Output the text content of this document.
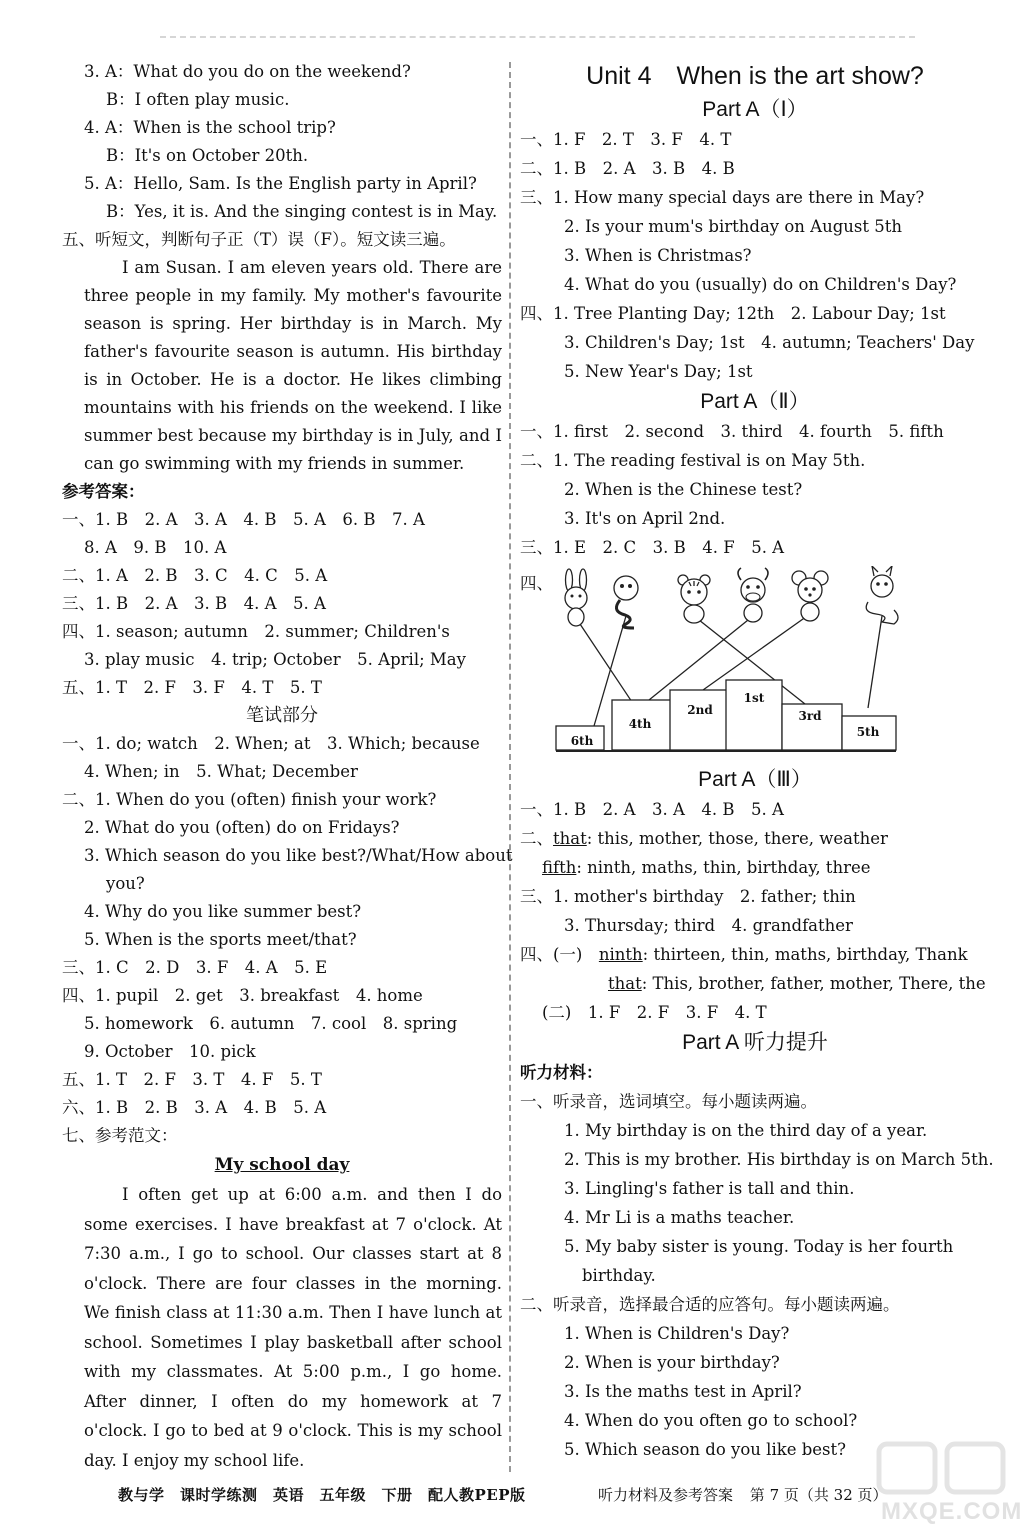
3. A：What do you do on the weekend?
B：I often play music.
4. A：When is the school trip?
B：It's on October 20th.
5. A：Hello, Sam. Is the English party in April?
B：Yes, it is. And the singing contest is in May.
五、听短文，判断句子正（T）误（F）。短文读三遍。
I am Susan. I am eleven years old. There are three people in my family. My mother's favourite season is spring. Her birthday is in March. My father's favourite season is autumn. His birthday is in October. He is a doctor. He likes climbing mountains with his friends on the weekend. I like summer best because my birthday is in July, and I can go swimming with my friends in summer.
参考答案：
一、1. B　2. A　3. A　4. B　5. A　6. B　7. A
8. A　9. B　10. A
二、1. A　2. B　3. C　4. C　5. A
三、1. B　2. A　3. B　4. A　5. A
四、1. season; autumn　2. summer; Children's
3. play music　4. trip; October　5. April; May
五、1. T　2. F　3. F　4. T　5. T
笔试部分
一、1. do; watch　2. When; at　3. Which; because
4. When; in　5. What; December
二、1. When do you (often) finish your work?
2. What do you (often) do on Fridays?
3. Which season do you like best?/What/How about
you?
4. Why do you like summer best?
5. When is the sports meet/that?
三、1. C　2. D　3. F　4. A　5. E
四、1. pupil　2. get　3. breakfast　4. home
5. homework　6. autumn　7. cool　8. spring
9. October　10. pick
五、1. T　2. F　3. T　4. F　5. T
六、1. B　2. B　3. A　4. B　5. A
七、参考范文：
My school day

I often get up at 6:00 a.m. and then I do some exercises. I have breakfast at 7 o'clock. At 7:30 a.m., I go to school. Our classes start at 8 o'clock. There are four classes in the morning. We finish class at 11:30 a.m. Then I have lunch at school. Sometimes I play basketball after school with my classmates. At 5:00 p.m., I go home. After dinner, I often do my homework at 7 o'clock. I go to bed at 9 o'clock. This is my school day. I enjoy my school life.

Unit 4　When is the art show?
Part A（Ⅰ）
一、1. F　2. T　3. F　4. T
二、1. B　2. A　3. B　4. B
三、1. How many special days are there in May?
2. Is your mum's birthday on August 5th
3. When is Christmas?
4. What do you (usually) do on Children's Day?
四、1. Tree Planting Day; 12th　2. Labour Day; 1st
3. Children's Day; 1st　4. autumn; Teachers' Day
5. New Year's Day; 1st
Part A（Ⅱ）
一、1. first　2. second　3. third　4. fourth　5. fifth
二、1. The reading festival is on May 5th.
2. When is the Chinese test?
3. It's on April 2nd.
三、1. E　2. C　3. B　4. F　5. A
四、
6th
4th
2nd
1st
3rd
5th
Part A（Ⅲ）
一、1. B　2. A　3. A　4. B　5. A
二、that: this, mother, those, there, weather
fifth: ninth, maths, thin, birthday, three
三、1. mother's birthday　2. father; thin
3. Thursday; third　4. grandfather
四、(一)　ninth: thirteen, thin, maths, birthday, Thank
that: This, brother, father, mother, There, the
(二)　1. F　2. F　3. F　4. T
Part A 听力提升
听力材料：
一、听录音，选词填空。每小题读两遍。
1. My birthday is on the third day of a year.
2. This is my brother. His birthday is on March 5th.
3. Lingling's father is tall and thin.
4. Mr Li is a maths teacher.
5. My baby sister is young. Today is her fourth
birthday.
二、听录音，选择最合适的应答句。每小题读两遍。
1. When is Children's Day?
2. When is your birthday?
3. Is the maths test in April?
4. When do you often go to school?
5. Which season do you like best?
教与学　课时学练测　英语　五年级　下册　配人教PEP版	听力材料及参考答案 第 7 页（共 32 页）
MXQE.COM
